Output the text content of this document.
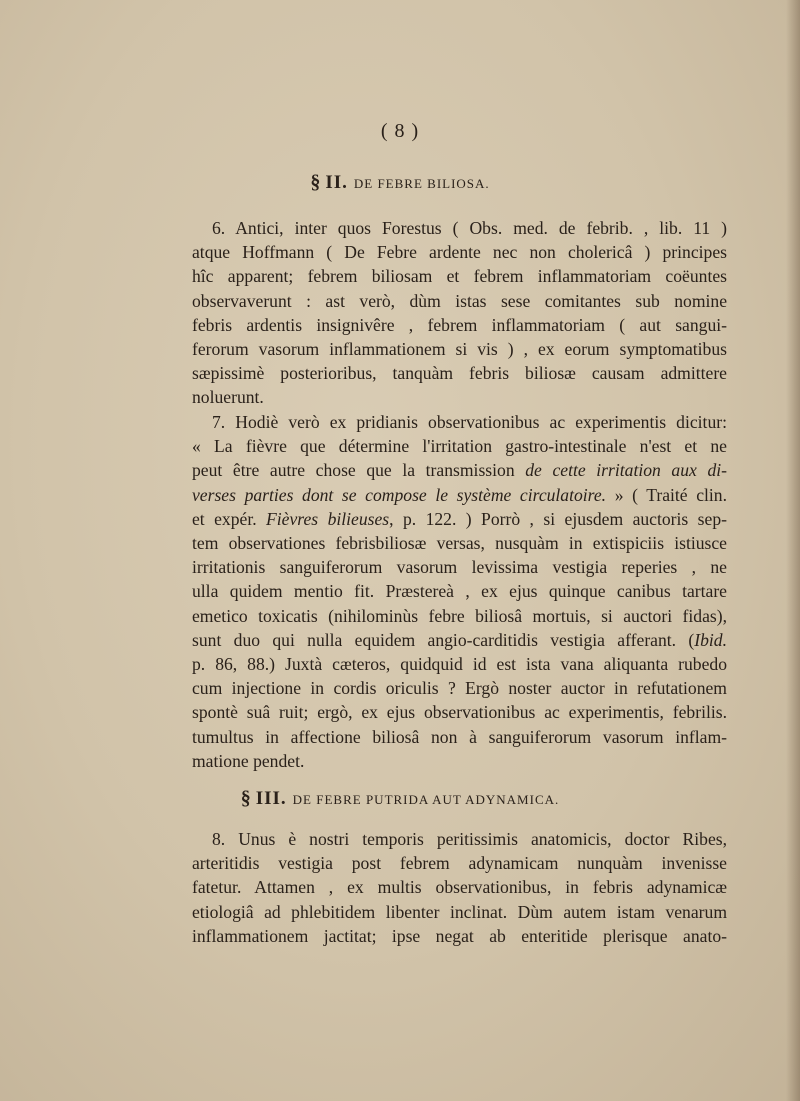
( 8 )
§ II. DE FEBRE BILIOSA.

6. Antici, inter quos Forestus ( Obs. med. de febrib. , lib. 11 )
atque Hoffmann ( De Febre ardente nec non cholericâ ) principes
hîc apparent; febrem biliosam et febrem inflammatoriam coëuntes
observaverunt : ast verò, dùm istas sese comitantes sub nomine
febris ardentis insignivêre , febrem inflammatoriam ( aut sangui-
ferorum vasorum inflammationem si vis ) , ex eorum symptomatibus
sæpissimè posterioribus, tanquàm febris biliosæ causam admittere
noluerunt.

7. Hodiè verò ex pridianis observationibus ac experimentis dicitur:
« La fièvre que détermine l'irritation gastro-intestinale n'est et ne
peut être autre chose que la transmission de cette irritation aux di-
verses parties dont se compose le système circulatoire. » ( Traité clin.
et expér. Fièvres bilieuses, p. 122. ) Porrò , si ejusdem auctoris sep-
tem observationes febrisbiliosæ versas, nusquàm in extispiciis istiusce
irritationis sanguiferorum vasorum levissima vestigia reperies , ne
ulla quidem mentio fit. Præstereà , ex ejus quinque canibus tartare
emetico toxicatis (nihilominùs febre biliosâ mortuis, si auctori fidas),
sunt duo qui nulla equidem angio-carditidis vestigia afferant. (Ibid.
p. 86, 88.) Juxtà cæteros, quidquid id est ista vana aliquanta rubedo
cum injectione in cordis oriculis ? Ergò noster auctor in refutationem
spontè suâ ruit; ergò, ex ejus observationibus ac experimentis, febrilis.
tumultus in affectione biliosâ non à sanguiferorum vasorum inflam-
matione pendet.

§ III. DE FEBRE PUTRIDA AUT ADYNAMICA.

8. Unus è nostri temporis peritissimis anatomicis, doctor Ribes,
arteritidis vestigia post febrem adynamicam nunquàm invenisse
fatetur. Attamen , ex multis observationibus, in febris adynamicæ
etiologiâ ad phlebitidem libenter inclinat. Dùm autem istam venarum
inflammationem jactitat; ipse negat ab enteritide plerisque anato-
